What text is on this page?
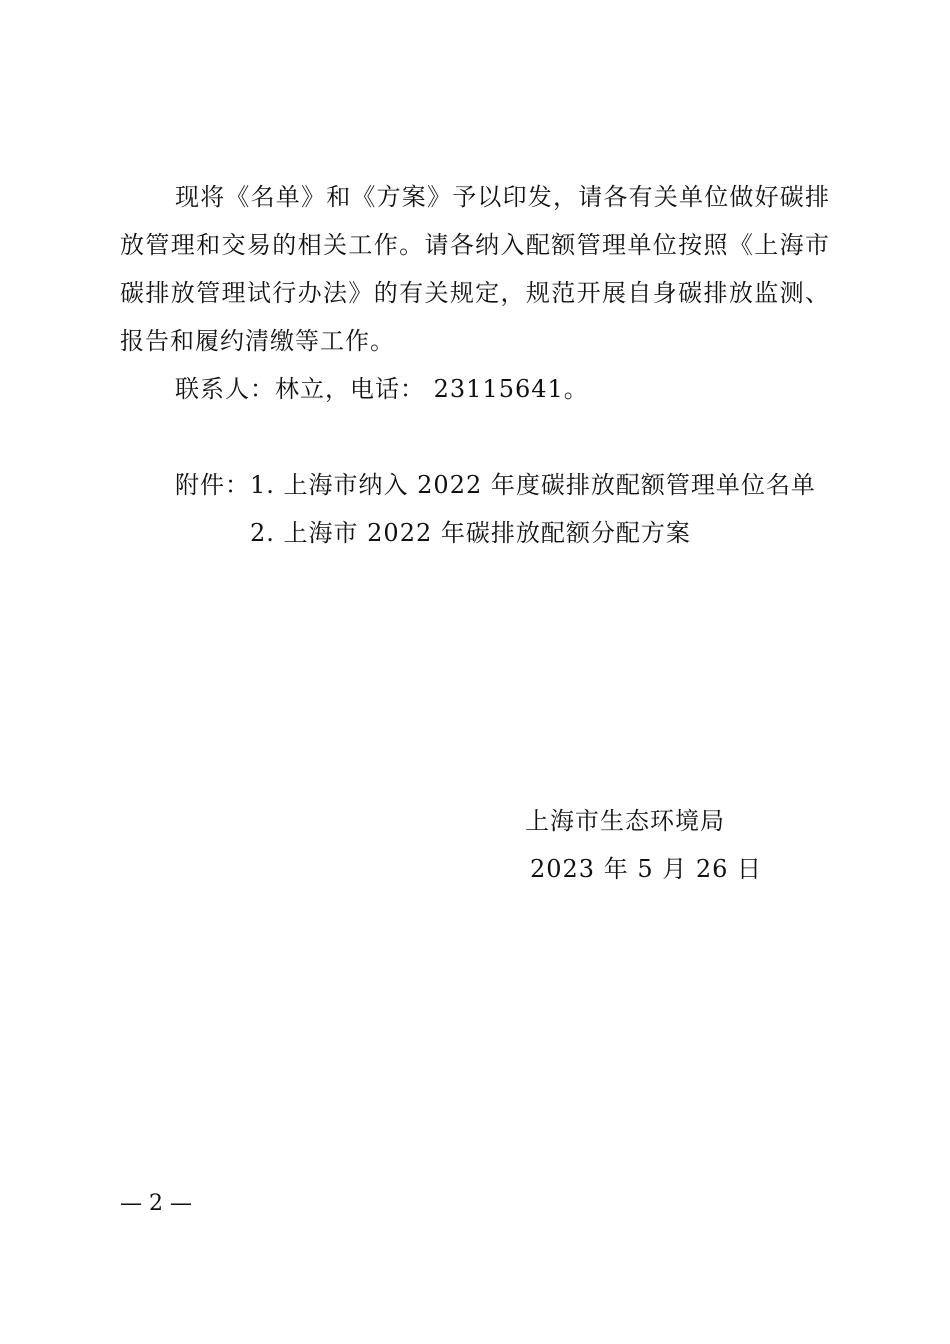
现将《名单》和《方案》予以印发，请各有关单位做好碳排
放管理和交易的相关工作。请各纳入配额管理单位按照《上海市
碳排放管理试行办法》的有关规定，规范开展自身碳排放监测、
报告和履约清缴等工作。
联系人：林立，电话： 23115641。
附件：1. 上海市纳入 2022 年度碳排放配额管理单位名单
2. 上海市 2022 年碳排放配额分配方案
上海市生态环境局
2023 年 5 月 26 日
— 2 —
